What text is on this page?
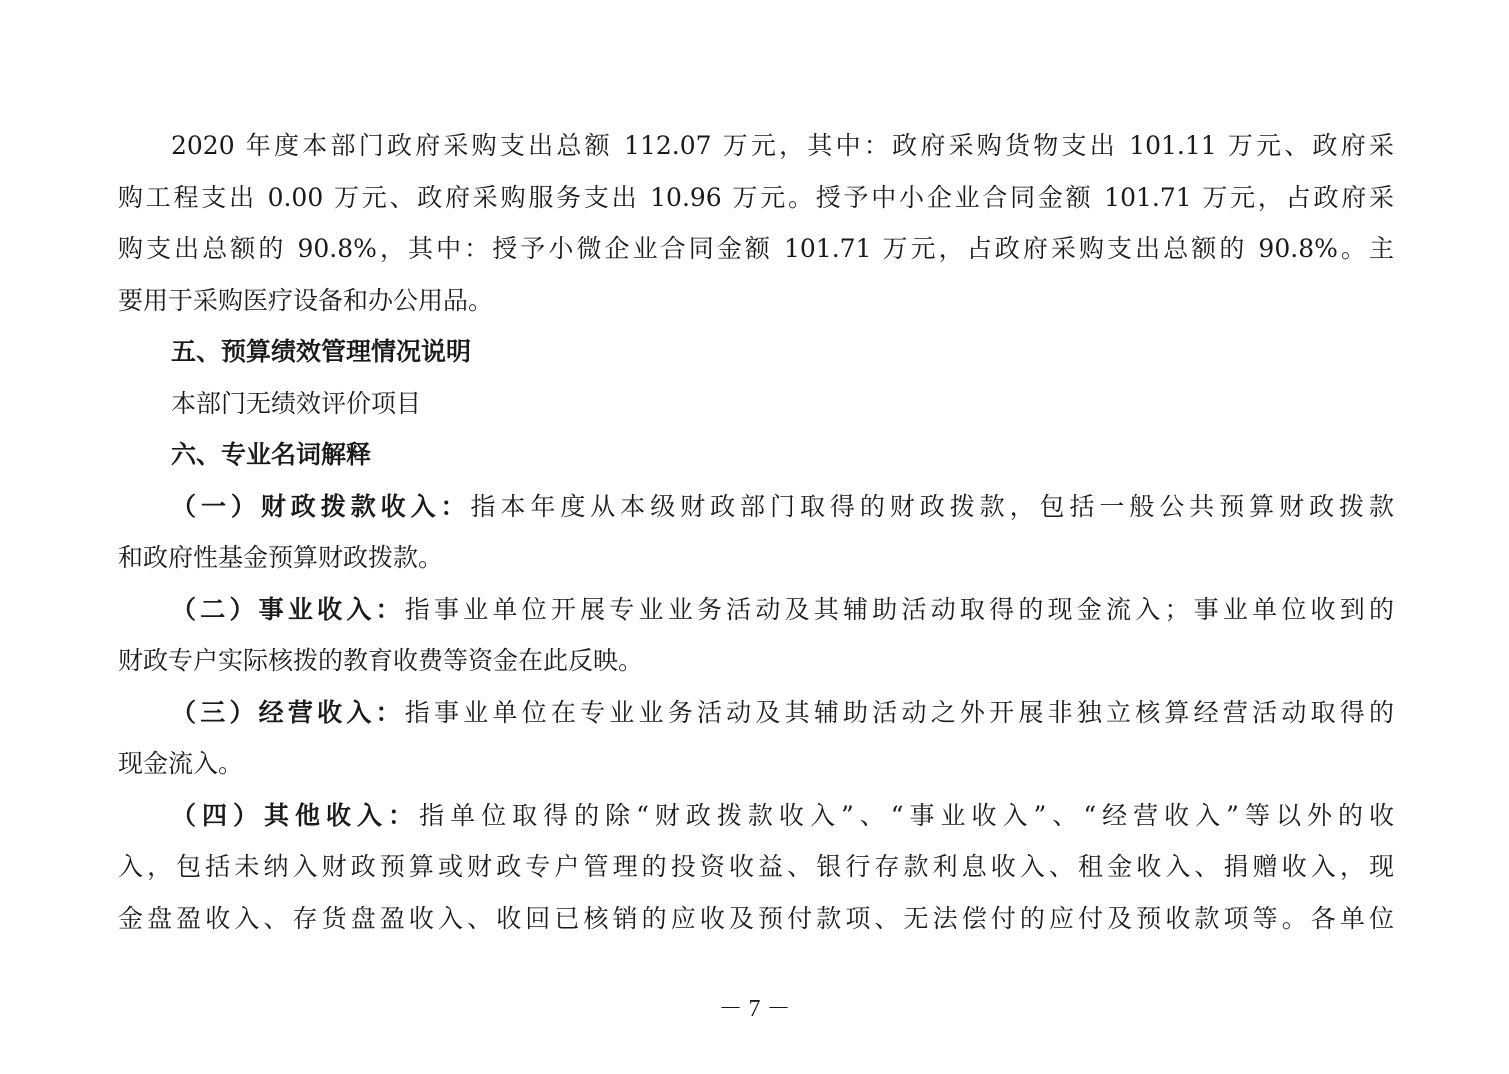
2020 年度本部门政府采购支出总额 112.07 万元，其中：政府采购货物支出 101.11 万元、政府采
购工程支出 0.00 万元、政府采购服务支出 10.96 万元。授予中小企业合同金额 101.71 万元，占政府采
购支出总额的 90.8%，其中：授予小微企业合同金额 101.71 万元，占政府采购支出总额的 90.8%。主
要用于采购医疗设备和办公用品。
五、预算绩效管理情况说明
本部门无绩效评价项目
六、专业名词解释
（一）财政拨款收入：指本年度从本级财政部门取得的财政拨款，包括一般公共预算财政拨款
和政府性基金预算财政拨款。
（二）事业收入：指事业单位开展专业业务活动及其辅助活动取得的现金流入；事业单位收到的
财政专户实际核拨的教育收费等资金在此反映。
（三）经营收入：指事业单位在专业业务活动及其辅助活动之外开展非独立核算经营活动取得的
现金流入。
（四）其他收入：指单位取得的除“财政拨款收入”、“事业收入”、“经营收入”等以外的收
入，包括未纳入财政预算或财政专户管理的投资收益、银行存款利息收入、租金收入、捐赠收入，现
金盘盈收入、存货盘盈收入、收回已核销的应收及预付款项、无法偿付的应付及预收款项等。各单位
－ 7 －
